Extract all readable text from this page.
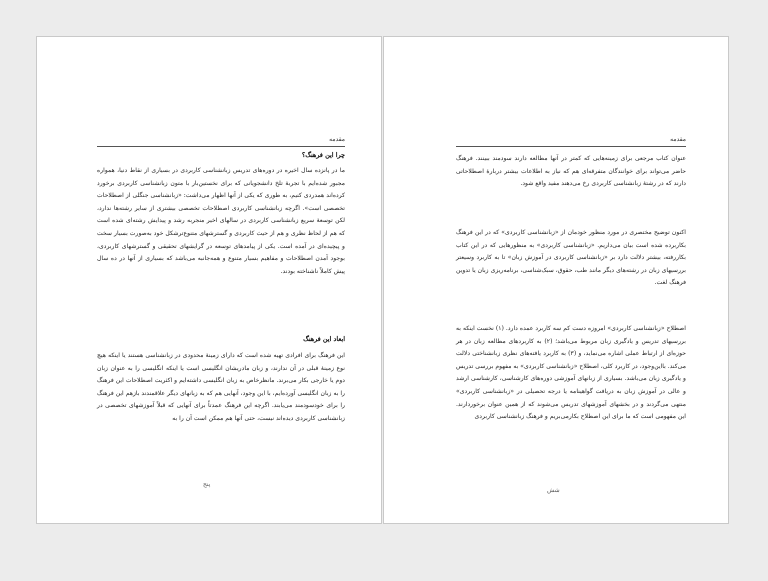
مقدمه

چرا این فرهنگ؟

ما در پانزده سال اخیره در دوره‌های تدریس زبانشناسی کاربردی در بسیاری از نقاط دنیا، همواره مجبور شده‌ایم با تجربهٔ تلخ دانشجویانی که برای نخستین‌بار با متون زبانشناسی کاربردی برخورد کرده‌اند همدردی کنیم، به طوری که یکی از آنها اظهار می‌داشت: «زبانشناسی جنگلی از اصطلاحات تخصصی است». اگرچه زبانشناسی کاربردی اصطلاحات تخصصی بیشتری از سایر رشته‌ها ندارد، لکن توسعهٔ سریع زبانشناسی کاربردی در سالهای اخیر منجربه رشد و پیدایش رشته‌ای شده است که هم از لحاظ نظری و هم از حیث کاربردی و گسترشهای متنوع‌ترشکل خود به‌صورت بسیار سخت و پیچیده‌ای در آمده است. یکی از پیامدهای توسعه در گرایشهای تحقیقی و گسترشهای کاربردی، بوجود آمدن اصطلاحات و مفاهیم بسیار متنوع و همه‌جانبه می‌باشد که بسیاری از آنها در ده سال پیش کاملاً ناشناخته بودند.

ابعاد این فرهنگ

این فرهنگ برای افرادی تهیه شده است که دارای زمینهٔ محدودی در زبانشناسی هستند یا اینکه هیچ نوع زمینهٔ قبلی در آن ندارند، و زبان مادریشان انگلیسی است یا اینکه انگلیسی را به عنوان زبان دوم یا خارجی بکار می‌برند. مانظرخاص به زبان انگلیسی داشته‌ایم و اکثریت اصطلاحات این فرهنگ را به زبان انگلیسی آورده‌ایم، با این وجود، آنهایی هم که به زبانهای دیگر علاقمندند بازهم این فرهنگ را برای خودسودمند می‌یابند. اگرچه این فرهنگ عمدتاً برای آنهایی که قبلاً آموزشهای تخصصی در زبانشناسی کاربردی دیده‌اند نیست، حتی آنها هم ممکن است آن را به

پنج
مقدمه

عنوان کتاب مرجعی برای زمینه‌هایی که کمتر در آنها مطالعه دارند سودمند ببینند. فرهنگ حاضر می‌تواند برای خوانندگان متفرقه‌ای هم که نیاز به اطلاعات بیشتر دربارهٔ اصطلاحاتی دارند که در رشتهٔ زبانشناسی کاربردی رخ می‌دهند مفید واقع شود.

اکنون توضیح مختصری در مورد منظور خودمان از «زبانشناسی کاربردی» که در این فرهنگ بکاربرده شده است بیان می‌داریم. «زبانشناسی کاربردی» به منظورهایی که در این کتاب بکاررفته، بیشتر دلالت دارد بر «زبانشناسی کاربردی در آموزش زبان» تا به کاربرد وسیعتر بررسیهای زبان در رشته‌های دیگر مانند طب، حقوق، سبک‌شناسی، برنامه‌ریزی زبان یا تدوین فرهنگ لغت.

اصطلاح «زبانشناسی کاربردی» امروزه دست کم سه کاربرد عمده دارد. (۱) نخست اینکه به بررسیهای تدریس و یادگیری زبان مربوط می‌باشد؛ (۲) به کاربردهای مطالعه زبان در هر حوزه‌ای از ارتباط عملی اشاره می‌نماید، و (۳) به کاربرد یافته‌های نظری زبانشناختی دلالت می‌کند. بااین‌وجود، در کاربرد کلی، اصطلاح «زبانشناسی کاربردی» به مفهوم بررسی تدریس و یادگیری زبان می‌باشد. بسیاری از زبانهای آموزشی دوره‌های کارشناسی، کارشناسی ارشد و عالی در آموزش زبان به دریافت گواهینامه یا درجه تحصیلی در «زبانشناسی کاربردی» منتهی می‌گردند و در بخشهای آموزشهای تدریس می‌شوند که از همین عنوان برخوردارند. این مفهومی است که ما برای این اصطلاح بکارمی‌بریم و فرهنگ زبانشناسی کاربردی

شش
